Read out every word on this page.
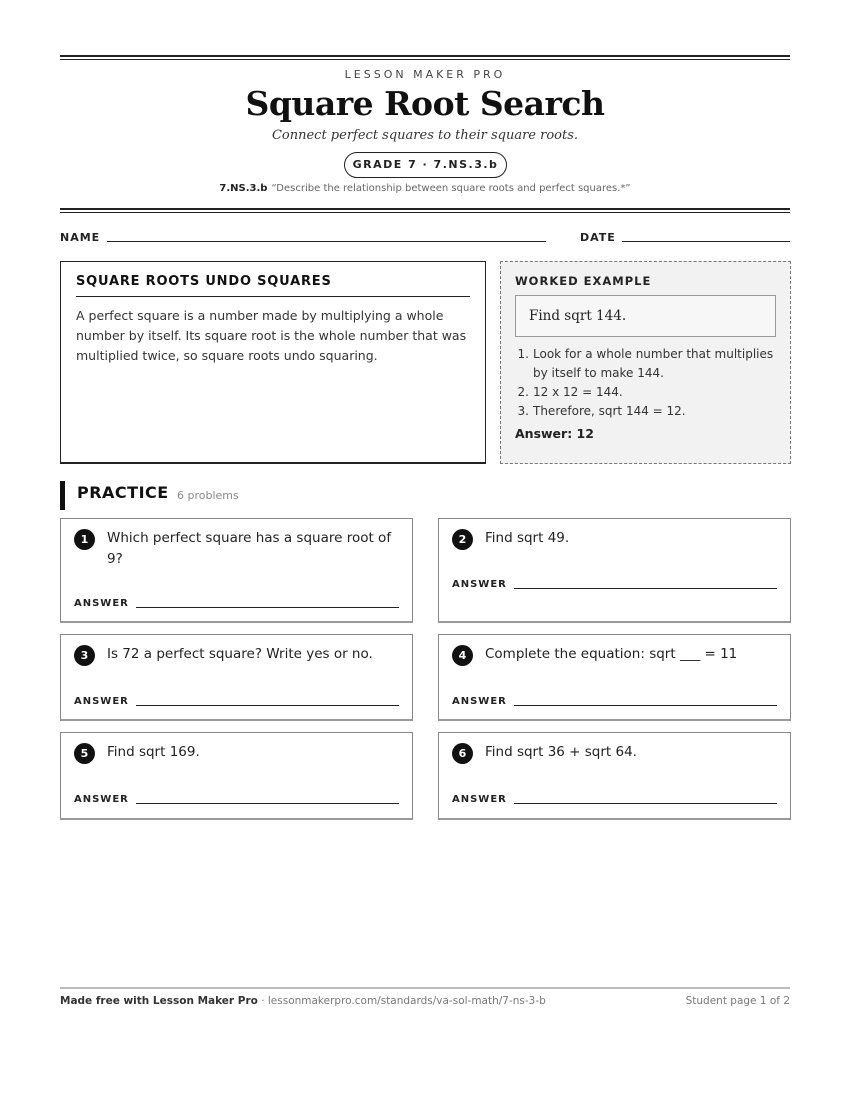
LESSON MAKER PRO
Square Root Search
Connect perfect squares to their square roots.
GRADE 7 · 7.NS.3.b
7.NS.3.b “Describe the relationship between square roots and perfect squares.*”
NAME	DATE
SQUARE ROOTS UNDO SQUARES
A perfect square is a number made by multiplying a whole number by itself. Its square root is the whole number that was multiplied twice, so square roots undo squaring.
WORKED EXAMPLE
Find sqrt 144.
1. Look for a whole number that multiplies by itself to make 144.
2. 12 x 12 = 144.
3. Therefore, sqrt 144 = 12.
Answer: 12
PRACTICE 6 problems
1	Which perfect square has a square root of 9?
ANSWER
2	Find sqrt 49.
ANSWER
3	Is 72 a perfect square? Write yes or no.
ANSWER
4	Complete the equation: sqrt ___ = 11
ANSWER
5	Find sqrt 169.
ANSWER
6	Find sqrt 36 + sqrt 64.
ANSWER
Made free with Lesson Maker Pro · lessonmakerpro.com/standards/va-sol-math/7-ns-3-b	Student page 1 of 2
